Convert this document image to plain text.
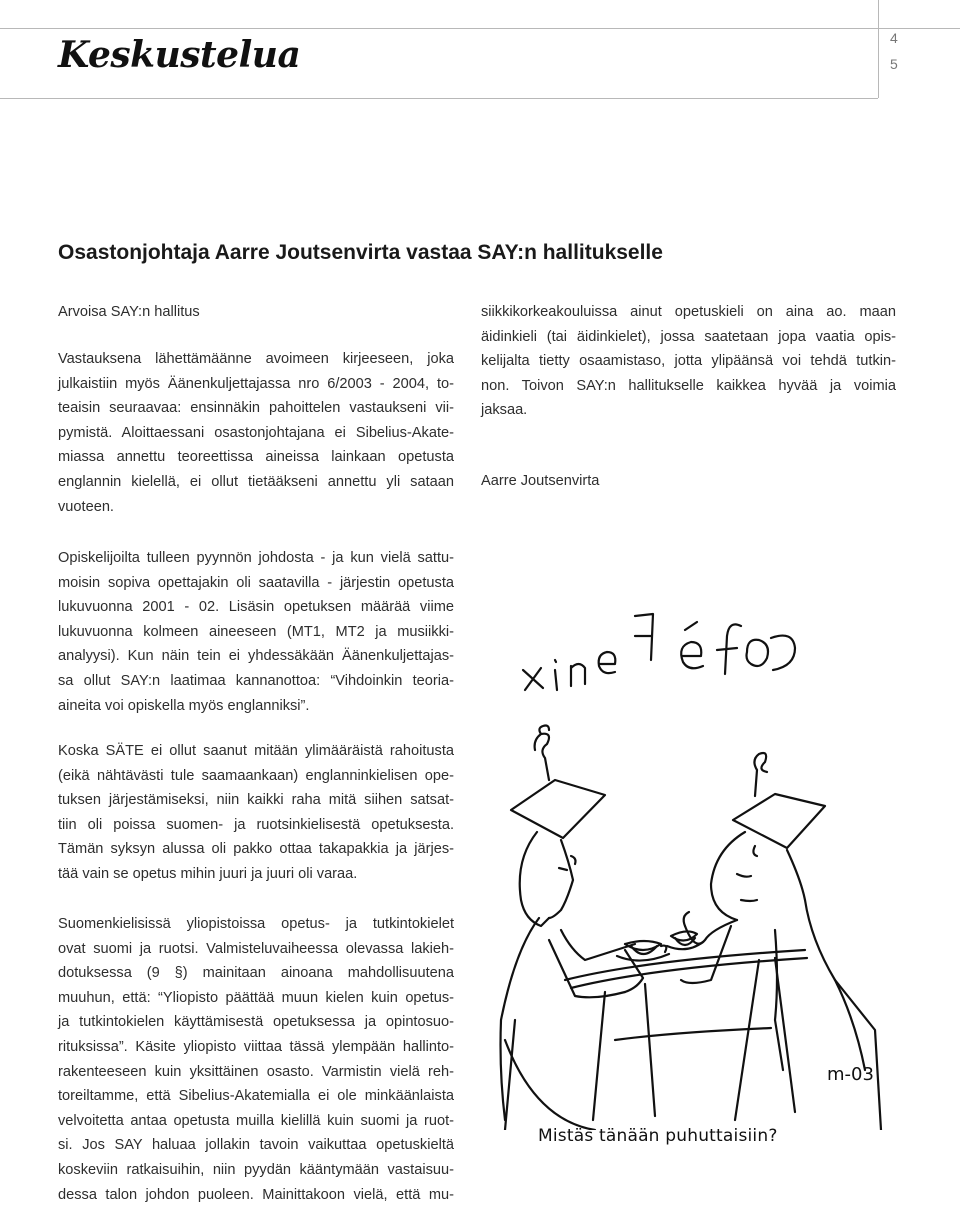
Keskustelua	4
5
Osastonjohtaja Aarre Joutsenvirta vastaa SAY:n hallitukselle
Arvoisa SAY:n hallitus
Vastauksena lähettämäänne avoimeen kirjeeseen, joka
julkaistiin myös Äänenkuljettajassa nro 6/2003 - 2004, to-
teaisin seuraavaa: ensinnäkin pahoittelen vastaukseni vii-
pymistä. Aloittaessani osastonjohtajana ei Sibelius-Akate-
miassa annettu teoreettissa aineissa lainkaan opetusta
englannin kielellä, ei ollut tietääkseni annettu yli sataan
vuoteen.
Opiskelijoilta tulleen pyynnön johdosta - ja kun vielä sattu-
moisin sopiva opettajakin oli saatavilla - järjestin opetusta
lukuvuonna 2001 - 02. Lisäsin opetuksen määrää viime
lukuvuonna kolmeen aineeseen (MT1, MT2 ja musiikki-
analyysi). Kun näin tein ei yhdessäkään Äänenkuljettajas-
sa ollut SAY:n laatimaa kannanottoa: “Vihdoinkin teoria-
aineita voi opiskella myös englanniksi”.
Koska SÄTE ei ollut saanut mitään ylimääräistä rahoitusta
(eikä nähtävästi tule saamaankaan) englanninkielisen ope-
tuksen järjestämiseksi, niin kaikki raha mitä siihen satsat-
tiin oli poissa suomen- ja ruotsinkielisestä opetuksesta.
Tämän syksyn alussa oli pakko ottaa takapakkia ja järjes-
tää vain se opetus mihin juuri ja juuri oli varaa.
Suomenkielisissä yliopistoissa opetus- ja tutkintokielet
ovat suomi ja ruotsi. Valmisteluvaiheessa olevassa lakieh-
dotuksessa (9 §) mainitaan ainoana mahdollisuutena
muuhun, että: “Yliopisto päättää muun kielen kuin opetus-
ja tutkintokielen käyttämisestä opetuksessa ja opintosuo-
rituksissa”. Käsite yliopisto viittaa tässä ylempään hallinto-
rakenteeseen kuin yksittäinen osasto. Varmistin vielä reh-
toreiltamme, että Sibelius-Akatemialla ei ole minkäänlaista
velvoitetta antaa opetusta muilla kielillä kuin suomi ja ruot-
si. Jos SAY haluaa jollakin tavoin vaikuttaa opetuskieltä
koskeviin ratkaisuihin, niin pyydän kääntymään vastaisuu-
dessa talon johdon puoleen. Mainittakoon vielä, että mu-
siikkikorkeakouluissa ainut opetuskieli on aina ao. maan
äidinkieli (tai äidinkielet), jossa saatetaan jopa vaatia opis-
kelijalta tietty osaamistaso, jotta ylipäänsä voi tehdä tutkin-
non. Toivon SAY:n hallitukselle kaikkea hyvää ja voimia
jaksaa.
Aarre Joutsenvirta
m-03
Mistäs tänään puhuttaisiin?
